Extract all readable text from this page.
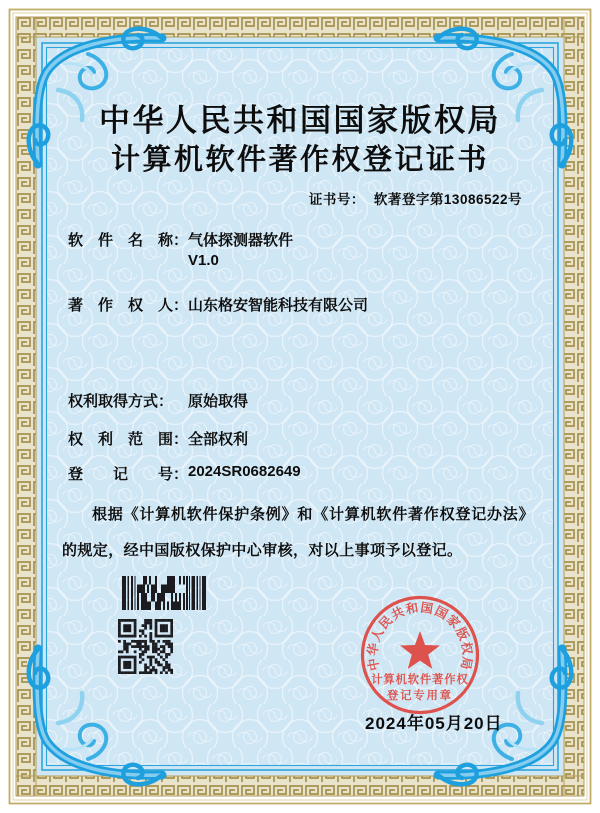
中华人民共和国国家版权局
计算机软件著作权登记证书
证书号： 软著登字第13086522号
软　件　名　称： 气体探测器软件
V1.0
著　作　权　人： 山东格安智能科技有限公司
权利取得方式： 原始取得
权　利　范　围： 全部权利
登　　记　　号： 2024SR0682649
根据《计算机软件保护条例》和《计算机软件著作权登记办法》的规定，经中国版权保护中心审核，对以上事项予以登记。
中华人民共和国国家版权局
计算机软件著作权
登记专用章
2024年05月20日
